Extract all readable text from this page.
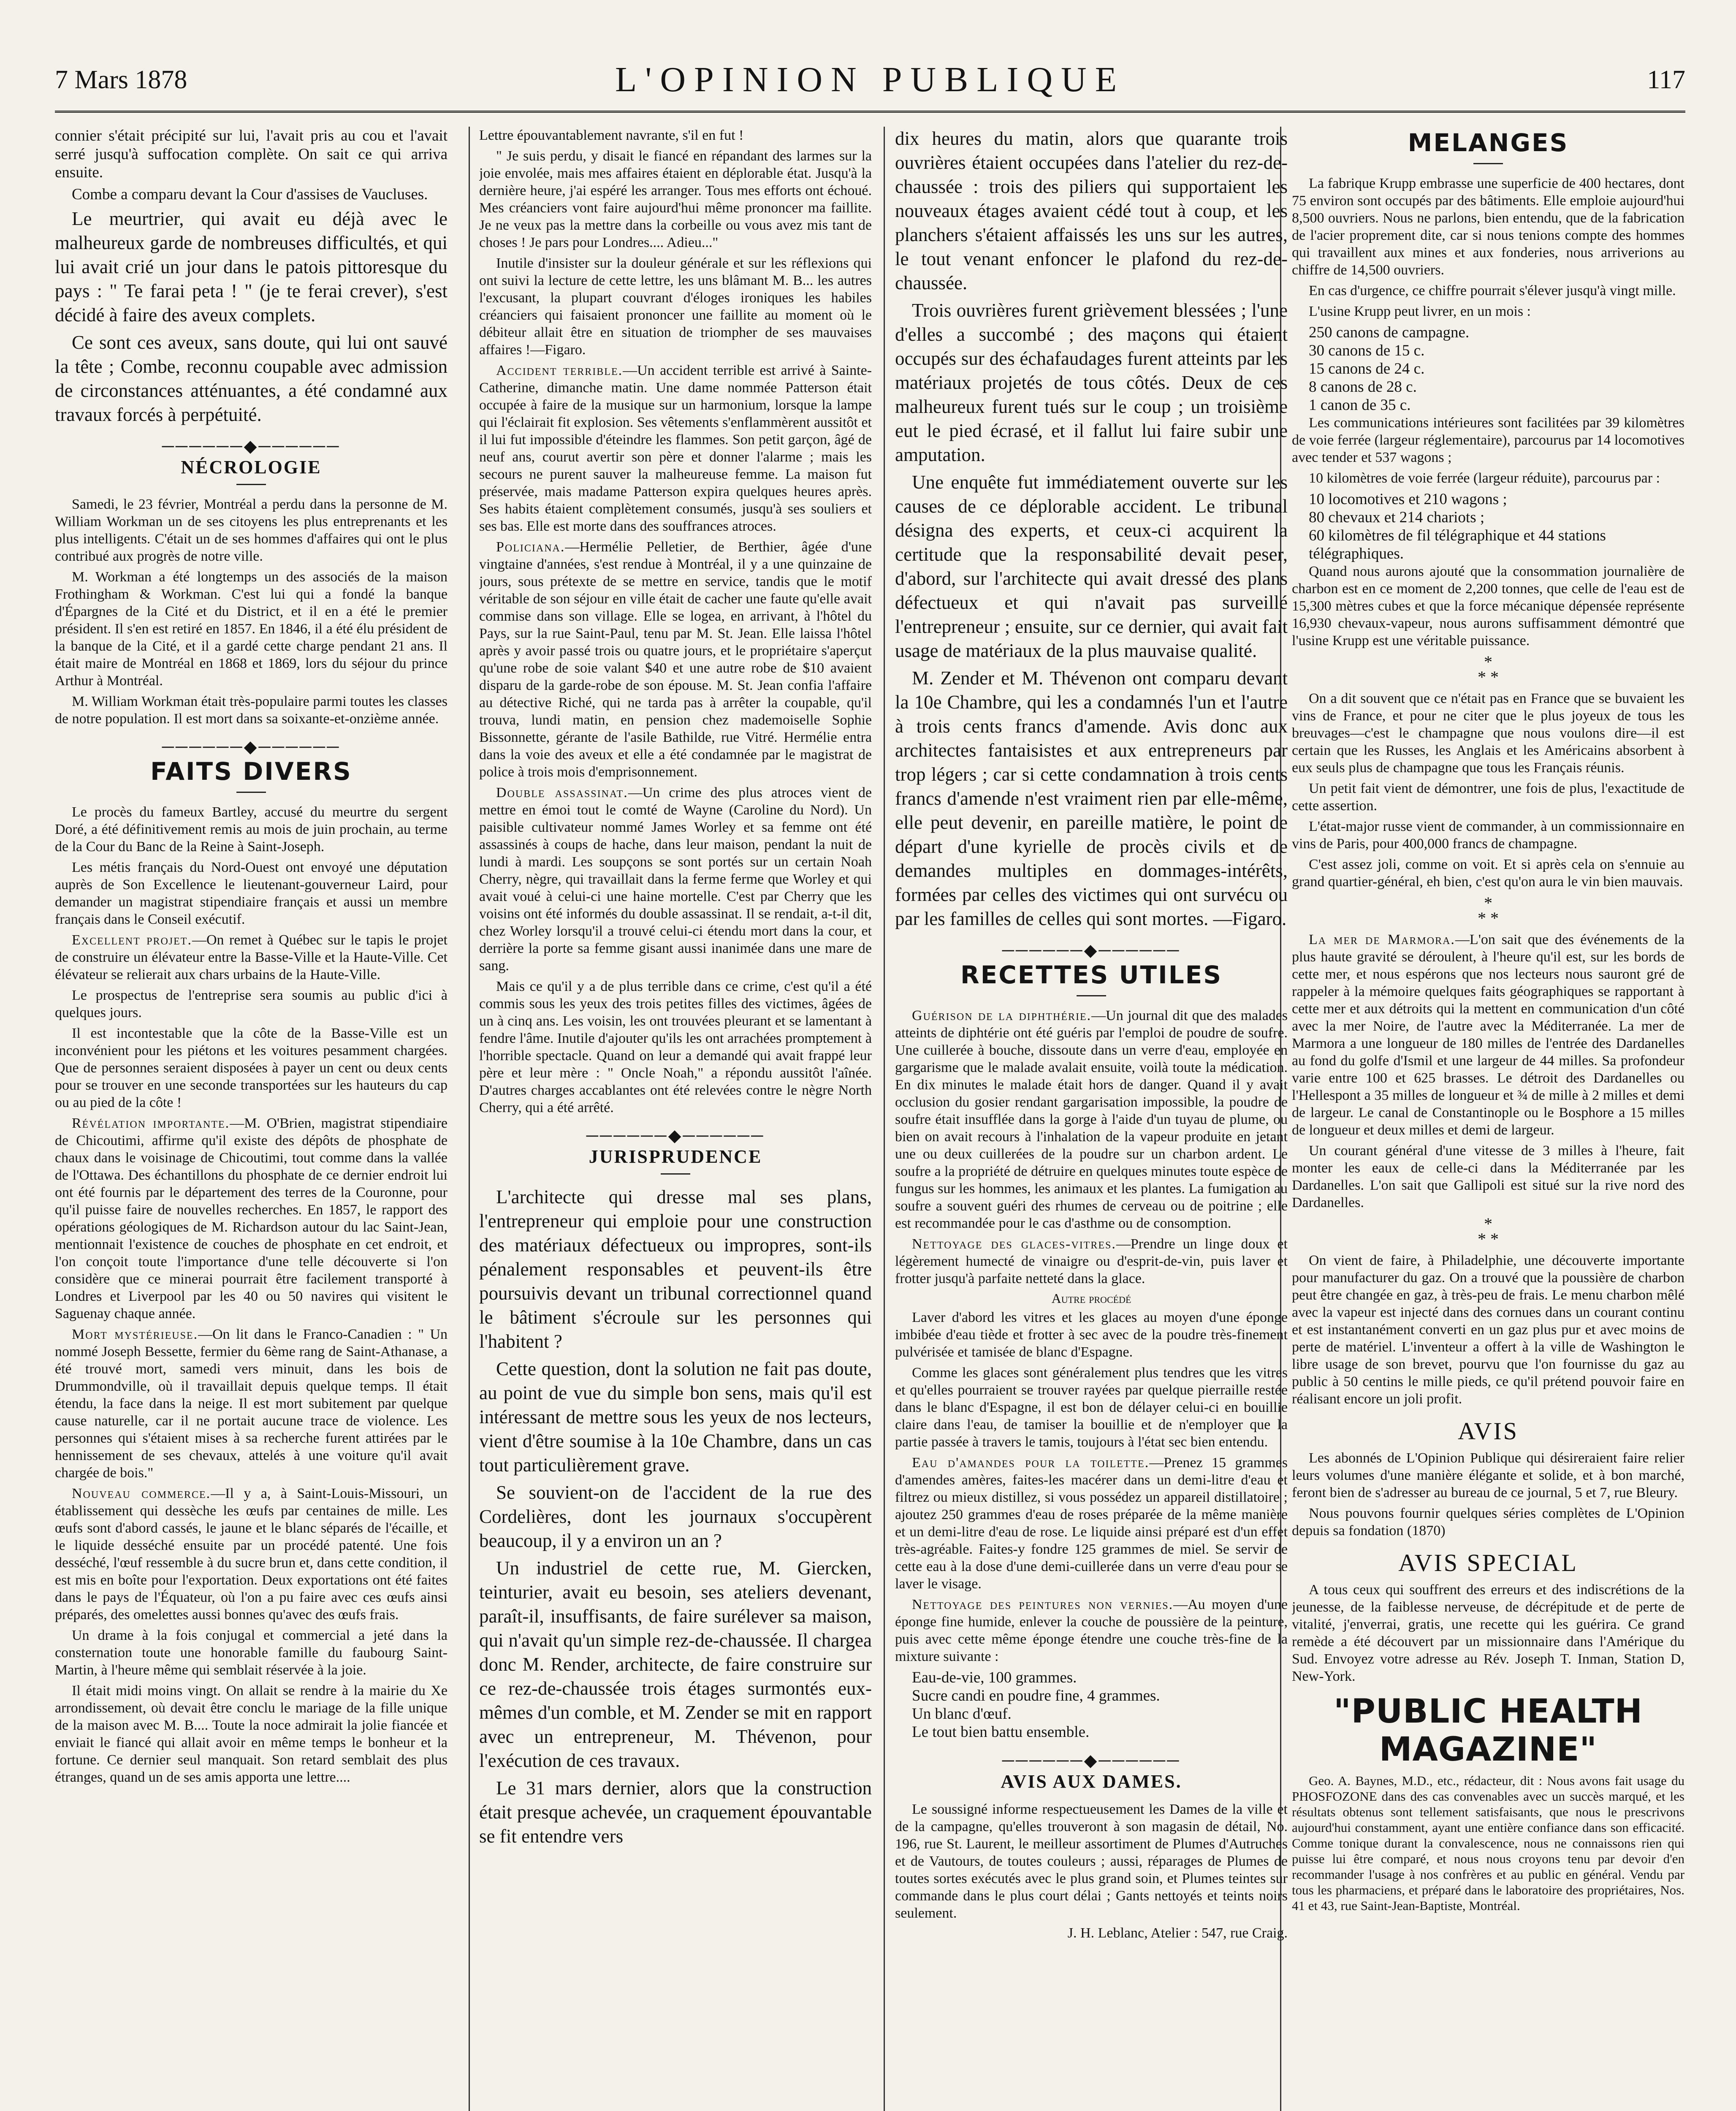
7 Mars 1878	L'OPINION PUBLIQUE	117

connier s'était précipité sur lui, l'avait pris au cou et l'avait serré jusqu'à suffocation complète. On sait ce qui arriva ensuite.

Combe a comparu devant la Cour d'assises de Vaucluses.

Le meurtrier, qui avait eu déjà avec le malheureux garde de nombreuses difficultés, et qui lui avait crié un jour dans le patois pittoresque du pays : " Te farai peta ! " (je te ferai crever), s'est décidé à faire des aveux complets.

Ce sont ces aveux, sans doute, qui lui ont sauvé la tête ; Combe, reconnu coupable avec admission de circonstances atténuantes, a été condamné aux travaux forcés à perpétuité.

──────◆──────
NÉCROLOGIE

Samedi, le 23 février, Montréal a perdu dans la personne de M. William Workman un de ses citoyens les plus entreprenants et les plus intelligents. C'était un de ses hommes d'affaires qui ont le plus contribué aux progrès de notre ville.

M. Workman a été longtemps un des associés de la maison Frothingham & Workman. C'est lui qui a fondé la banque d'Épargnes de la Cité et du District, et il en a été le premier président. Il s'en est retiré en 1857. En 1846, il a été élu président de la banque de la Cité, et il a gardé cette charge pendant 21 ans. Il était maire de Montréal en 1868 et 1869, lors du séjour du prince Arthur à Montréal.

M. William Workman était très-populaire parmi toutes les classes de notre population. Il est mort dans sa soixante-et-onzième année.

──────◆──────
FAITS DIVERS

Le procès du fameux Bartley, accusé du meurtre du sergent Doré, a été définitivement remis au mois de juin prochain, au terme de la Cour du Banc de la Reine à Saint-Joseph.

Les métis français du Nord-Ouest ont envoyé une députation auprès de Son Excellence le lieutenant-gouverneur Laird, pour demander un magistrat stipendiaire français et aussi un membre français dans le Conseil exécutif.

Excellent projet.—On remet à Québec sur le tapis le projet de construire un élévateur entre la Basse-Ville et la Haute-Ville. Cet élévateur se relierait aux chars urbains de la Haute-Ville.

Le prospectus de l'entreprise sera soumis au public d'ici à quelques jours.

Il est incontestable que la côte de la Basse-Ville est un inconvénient pour les piétons et les voitures pesamment chargées. Que de personnes seraient disposées à payer un cent ou deux cents pour se trouver en une seconde transportées sur les hauteurs du cap ou au pied de la côte !

Révélation importante.—M. O'Brien, magistrat stipendiaire de Chicoutimi, affirme qu'il existe des dépôts de phosphate de chaux dans le voisinage de Chicoutimi, tout comme dans la vallée de l'Ottawa. Des échantillons du phosphate de ce dernier endroit lui ont été fournis par le département des terres de la Couronne, pour qu'il puisse faire de nouvelles recherches. En 1857, le rapport des opérations géologiques de M. Richardson autour du lac Saint-Jean, mentionnait l'existence de couches de phosphate en cet endroit, et l'on conçoit toute l'importance d'une telle découverte si l'on considère que ce minerai pourrait être facilement transporté à Londres et Liverpool par les 40 ou 50 navires qui visitent le Saguenay chaque année.

Mort mystérieuse.—On lit dans le Franco-Canadien : " Un nommé Joseph Bessette, fermier du 6ème rang de Saint-Athanase, a été trouvé mort, samedi vers minuit, dans les bois de Drummondville, où il travaillait depuis quelque temps. Il était étendu, la face dans la neige. Il est mort subitement par quelque cause naturelle, car il ne portait aucune trace de violence. Les personnes qui s'étaient mises à sa recherche furent attirées par le hennissement de ses chevaux, attelés à une voiture qu'il avait chargée de bois."

Nouveau commerce.—Il y a, à Saint-Louis-Missouri, un établissement qui dessèche les œufs par centaines de mille. Les œufs sont d'abord cassés, le jaune et le blanc séparés de l'écaille, et le liquide desséché ensuite par un procédé patenté. Une fois desséché, l'œuf ressemble à du sucre brun et, dans cette condition, il est mis en boîte pour l'exportation. Deux exportations ont été faites dans le pays de l'Équateur, où l'on a pu faire avec ces œufs ainsi préparés, des omelettes aussi bonnes qu'avec des œufs frais.

Un drame à la fois conjugal et commercial a jeté dans la consternation toute une honorable famille du faubourg Saint-Martin, à l'heure même qui semblait réservée à la joie.

Il était midi moins vingt. On allait se rendre à la mairie du Xe arrondissement, où devait être conclu le mariage de la fille unique de la maison avec M. B.... Toute la noce admirait la jolie fiancée et enviait le fiancé qui allait avoir en même temps le bonheur et la fortune. Ce dernier seul manquait. Son retard semblait des plus étranges, quand un de ses amis apporta une lettre....

Lettre épouvantablement navrante, s'il en fut !

" Je suis perdu, y disait le fiancé en répandant des larmes sur la joie envolée, mais mes affaires étaient en déplorable état. Jusqu'à la dernière heure, j'ai espéré les arranger. Tous mes efforts ont échoué. Mes créanciers vont faire aujourd'hui même prononcer ma faillite. Je ne veux pas la mettre dans la corbeille ou vous avez mis tant de choses ! Je pars pour Londres.... Adieu..."

Inutile d'insister sur la douleur générale et sur les réflexions qui ont suivi la lecture de cette lettre, les uns blâmant M. B... les autres l'excusant, la plupart couvrant d'éloges ironiques les habiles créanciers qui faisaient prononcer une faillite au moment où le débiteur allait être en situation de triompher de ses mauvaises affaires !—Figaro.

Accident terrible.—Un accident terrible est arrivé à Sainte-Catherine, dimanche matin. Une dame nommée Patterson était occupée à faire de la musique sur un harmonium, lorsque la lampe qui l'éclairait fit explosion. Ses vêtements s'enflammèrent aussitôt et il lui fut impossible d'éteindre les flammes. Son petit garçon, âgé de neuf ans, courut avertir son père et donner l'alarme ; mais les secours ne purent sauver la malheureuse femme. La maison fut préservée, mais madame Patterson expira quelques heures après. Ses habits étaient complètement consumés, jusqu'à ses souliers et ses bas. Elle est morte dans des souffrances atroces.

Policiana.—Hermélie Pelletier, de Berthier, âgée d'une vingtaine d'années, s'est rendue à Montréal, il y a une quinzaine de jours, sous prétexte de se mettre en service, tandis que le motif véritable de son séjour en ville était de cacher une faute qu'elle avait commise dans son village. Elle se logea, en arrivant, à l'hôtel du Pays, sur la rue Saint-Paul, tenu par M. St. Jean. Elle laissa l'hôtel après y avoir passé trois ou quatre jours, et le propriétaire s'aperçut qu'une robe de soie valant $40 et une autre robe de $10 avaient disparu de la garde-robe de son épouse. M. St. Jean confia l'affaire au détective Riché, qui ne tarda pas à arrêter la coupable, qu'il trouva, lundi matin, en pension chez mademoiselle Sophie Bissonnette, gérante de l'asile Bathilde, rue Vitré. Hermélie entra dans la voie des aveux et elle a été condamnée par le magistrat de police à trois mois d'emprisonnement.

Double assassinat.—Un crime des plus atroces vient de mettre en émoi tout le comté de Wayne (Caroline du Nord). Un paisible cultivateur nommé James Worley et sa femme ont été assassinés à coups de hache, dans leur maison, pendant la nuit de lundi à mardi. Les soupçons se sont portés sur un certain Noah Cherry, nègre, qui travaillait dans la ferme ferme que Worley et qui avait voué à celui-ci une haine mortelle. C'est par Cherry que les voisins ont été informés du double assassinat. Il se rendait, a-t-il dit, chez Worley lorsqu'il a trouvé celui-ci étendu mort dans la cour, et derrière la porte sa femme gisant aussi inanimée dans une mare de sang.

Mais ce qu'il y a de plus terrible dans ce crime, c'est qu'il a été commis sous les yeux des trois petites filles des victimes, âgées de un à cinq ans. Les voisin, les ont trouvées pleurant et se lamentant à fendre l'âme. Inutile d'ajouter qu'ils les ont arrachées promptement à l'horrible spectacle. Quand on leur a demandé qui avait frappé leur père et leur mère : " Oncle Noah," a répondu aussitôt l'aînée. D'autres charges accablantes ont été relevées contre le nègre North Cherry, qui a été arrêté.

──────◆──────
JURISPRUDENCE

L'architecte qui dresse mal ses plans, l'entrepreneur qui emploie pour une construction des matériaux défectueux ou impropres, sont-ils pénalement responsables et peuvent-ils être poursuivis devant un tribunal correctionnel quand le bâtiment s'écroule sur les personnes qui l'habitent ?

Cette question, dont la solution ne fait pas doute, au point de vue du simple bon sens, mais qu'il est intéressant de mettre sous les yeux de nos lecteurs, vient d'être soumise à la 10e Chambre, dans un cas tout particulièrement grave.

Se souvient-on de l'accident de la rue des Cordelières, dont les journaux s'occupèrent beaucoup, il y a environ un an ?

Un industriel de cette rue, M. Giercken, teinturier, avait eu besoin, ses ateliers devenant, paraît-il, insuffisants, de faire surélever sa maison, qui n'avait qu'un simple rez-de-chaussée. Il chargea donc M. Render, architecte, de faire construire sur ce rez-de-chaussée trois étages surmontés eux-mêmes d'un comble, et M. Zender se mit en rapport avec un entrepreneur, M. Thévenon, pour l'exécution de ces travaux.

Le 31 mars dernier, alors que la construction était presque achevée, un craquement épouvantable se fit entendre vers

dix heures du matin, alors que quarante trois ouvrières étaient occupées dans l'atelier du rez-de-chaussée : trois des piliers qui supportaient les nouveaux étages avaient cédé tout à coup, et les planchers s'étaient affaissés les uns sur les autres, le tout venant enfoncer le plafond du rez-de-chaussée.

Trois ouvrières furent grièvement blessées ; l'une d'elles a succombé ; des maçons qui étaient occupés sur des échafaudages furent atteints par les matériaux projetés de tous côtés. Deux de ces malheureux furent tués sur le coup ; un troisième eut le pied écrasé, et il fallut lui faire subir une amputation.

Une enquête fut immédiatement ouverte sur les causes de ce déplorable accident. Le tribunal désigna des experts, et ceux-ci acquirent la certitude que la responsabilité devait peser, d'abord, sur l'architecte qui avait dressé des plans défectueux et qui n'avait pas surveillé l'entrepreneur ; ensuite, sur ce dernier, qui avait fait usage de matériaux de la plus mauvaise qualité.

M. Zender et M. Thévenon ont comparu devant la 10e Chambre, qui les a condamnés l'un et l'autre à trois cents francs d'amende. Avis donc aux architectes fantaisistes et aux entrepreneurs par trop légers ; car si cette condamnation à trois cents francs d'amende n'est vraiment rien par elle-même, elle peut devenir, en pareille matière, le point de départ d'une kyrielle de procès civils et de demandes multiples en dommages-intérêts, formées par celles des victimes qui ont survécu ou par les familles de celles qui sont mortes. —Figaro.

──────◆──────
RECETTES UTILES

Guérison de la diphthérie.—Un journal dit que des malades atteints de diphtérie ont été guéris par l'emploi de poudre de soufre. Une cuillerée à bouche, dissoute dans un verre d'eau, employée en gargarisme que le malade avalait ensuite, voilà toute la médication. En dix minutes le malade était hors de danger. Quand il y avait occlusion du gosier rendant gargarisation impossible, la poudre de soufre était insufflée dans la gorge à l'aide d'un tuyau de plume, ou bien on avait recours à l'inhalation de la vapeur produite en jetant une ou deux cuillerées de la poudre sur un charbon ardent. Le soufre a la propriété de détruire en quelques minutes toute espèce de fungus sur les hommes, les animaux et les plantes. La fumigation au soufre a souvent guéri des rhumes de cerveau ou de poitrine ; elle est recommandée pour le cas d'asthme ou de consomption.

Nettoyage des glaces-vitres.—Prendre un linge doux et légèrement humecté de vinaigre ou d'esprit-de-vin, puis laver et frotter jusqu'à parfaite netteté dans la glace.

Autre procédé

Laver d'abord les vitres et les glaces au moyen d'une éponge imbibée d'eau tiède et frotter à sec avec de la poudre très-finement pulvérisée et tamisée de blanc d'Espagne.

Comme les glaces sont généralement plus tendres que les vitres et qu'elles pourraient se trouver rayées par quelque pierraille restée dans le blanc d'Espagne, il est bon de délayer celui-ci en bouillie claire dans l'eau, de tamiser la bouillie et de n'employer que la partie passée à travers le tamis, toujours à l'état sec bien entendu.

Eau d'amandes pour la toilette.—Prenez 15 grammes d'amendes amères, faites-les macérer dans un demi-litre d'eau et filtrez ou mieux distillez, si vous possédez un appareil distillatoire ; ajoutez 250 grammes d'eau de roses préparée de la même manière et un demi-litre d'eau de rose. Le liquide ainsi préparé est d'un effet très-agréable. Faites-y fondre 125 grammes de miel. Se servir de cette eau à la dose d'une demi-cuillerée dans un verre d'eau pour se laver le visage.

Nettoyage des peintures non vernies.—Au moyen d'une éponge fine humide, enlever la couche de poussière de la peinture, puis avec cette même éponge étendre une couche très-fine de la mixture suivante :

Eau-de-vie, 100 grammes.
Sucre candi en poudre fine, 4 grammes.
Un blanc d'œuf.
Le tout bien battu ensemble.
──────◆──────
AVIS AUX DAMES.

Le soussigné informe respectueusement les Dames de la ville et de la campagne, qu'elles trouveront à son magasin de détail, No. 196, rue St. Laurent, le meilleur assortiment de Plumes d'Autruches et de Vautours, de toutes couleurs ; aussi, réparages de Plumes de toutes sortes exécutés avec le plus grand soin, et Plumes teintes sur commande dans le plus court délai ; Gants nettoyés et teints noirs seulement.

J. H. Leblanc, Atelier : 547, rue Craig.
MELANGES

La fabrique Krupp embrasse une superficie de 400 hectares, dont 75 environ sont occupés par des bâtiments. Elle emploie aujourd'hui 8,500 ouvriers. Nous ne parlons, bien entendu, que de la fabrication de l'acier proprement dite, car si nous tenions compte des hommes qui travaillent aux mines et aux fonderies, nous arriverions au chiffre de 14,500 ouvriers.

En cas d'urgence, ce chiffre pourrait s'élever jusqu'à vingt mille.

L'usine Krupp peut livrer, en un mois :

250 canons de campagne.
30 canons de 15 c.
15 canons de 24 c.
8 canons de 28 c.
1 canon de 35 c.

Les communications intérieures sont facilitées par 39 kilomètres de voie ferrée (largeur réglementaire), parcourus par 14 locomotives avec tender et 537 wagons ;

10 kilomètres de voie ferrée (largeur réduite), parcourus par :

10 locomotives et 210 wagons ;
80 chevaux et 214 chariots ;
60 kilomètres de fil télégraphique et 44 stations télégraphiques.

Quand nous aurons ajouté que la consommation journalière de charbon est en ce moment de 2,200 tonnes, que celle de l'eau est de 15,300 mètres cubes et que la force mécanique dépensée représente 16,930 chevaux-vapeur, nous aurons suffisamment démontré que l'usine Krupp est une véritable puissance.

*
* *

On a dit souvent que ce n'était pas en France que se buvaient les vins de France, et pour ne citer que le plus joyeux de tous les breuvages—c'est le champagne que nous voulons dire—il est certain que les Russes, les Anglais et les Américains absorbent à eux seuls plus de champagne que tous les Français réunis.

Un petit fait vient de démontrer, une fois de plus, l'exactitude de cette assertion.

L'état-major russe vient de commander, à un commissionnaire en vins de Paris, pour 400,000 francs de champagne.

C'est assez joli, comme on voit. Et si après cela on s'ennuie au grand quartier-général, eh bien, c'est qu'on aura le vin bien mauvais.

*
* *

La mer de Marmora.—L'on sait que des événements de la plus haute gravité se déroulent, à l'heure qu'il est, sur les bords de cette mer, et nous espérons que nos lecteurs nous sauront gré de rappeler à la mémoire quelques faits géographiques se rapportant à cette mer et aux détroits qui la mettent en communication d'un côté avec la mer Noire, de l'autre avec la Méditerranée. La mer de Marmora a une longueur de 180 milles de l'entrée des Dardanelles au fond du golfe d'Ismil et une largeur de 44 milles. Sa profondeur varie entre 100 et 625 brasses. Le détroit des Dardanelles ou l'Hellespont a 35 milles de longueur et ¾ de mille à 2 milles et demi de largeur. Le canal de Constantinople ou le Bosphore a 15 milles de longueur et deux milles et demi de largeur.

Un courant général d'une vitesse de 3 milles à l'heure, fait monter les eaux de celle-ci dans la Méditerranée par les Dardanelles. L'on sait que Gallipoli est situé sur la rive nord des Dardanelles.

*
* *

On vient de faire, à Philadelphie, une découverte importante pour manufacturer du gaz. On a trouvé que la poussière de charbon peut être changée en gaz, à très-peu de frais. Le menu charbon mêlé avec la vapeur est injecté dans des cornues dans un courant continu et est instantanément converti en un gaz plus pur et avec moins de perte de matériel. L'inventeur a offert à la ville de Washington le libre usage de son brevet, pourvu que l'on fournisse du gaz au public à 50 centins le mille pieds, ce qu'il prétend pouvoir faire en réalisant encore un joli profit.

AVIS

Les abonnés de L'Opinion Publique qui désireraient faire relier leurs volumes d'une manière élégante et solide, et à bon marché, feront bien de s'adresser au bureau de ce journal, 5 et 7, rue Bleury.

Nous pouvons fournir quelques séries complètes de L'Opinion depuis sa fondation (1870)

AVIS SPECIAL

A tous ceux qui souffrent des erreurs et des indiscrétions de la jeunesse, de la faiblesse nerveuse, de décrépitude et de perte de vitalité, j'enverrai, gratis, une recette qui les guérira. Ce grand remède a été découvert par un missionnaire dans l'Amérique du Sud. Envoyez votre adresse au Rév. Joseph T. Inman, Station D, New-York.

"PUBLIC HEALTH MAGAZINE"

Geo. A. Baynes, M.D., etc., rédacteur, dit : Nous avons fait usage du PHOSFOZONE dans des cas convenables avec un succès marqué, et les résultats obtenus sont tellement satisfaisants, que nous le prescrivons aujourd'hui constamment, ayant une entière confiance dans son efficacité. Comme tonique durant la convalescence, nous ne connaissons rien qui puisse lui être comparé, et nous nous croyons tenu par devoir d'en recommander l'usage à nos confrères et au public en général. Vendu par tous les pharmaciens, et préparé dans le laboratoire des propriétaires, Nos. 41 et 43, rue Saint-Jean-Baptiste, Montréal.
